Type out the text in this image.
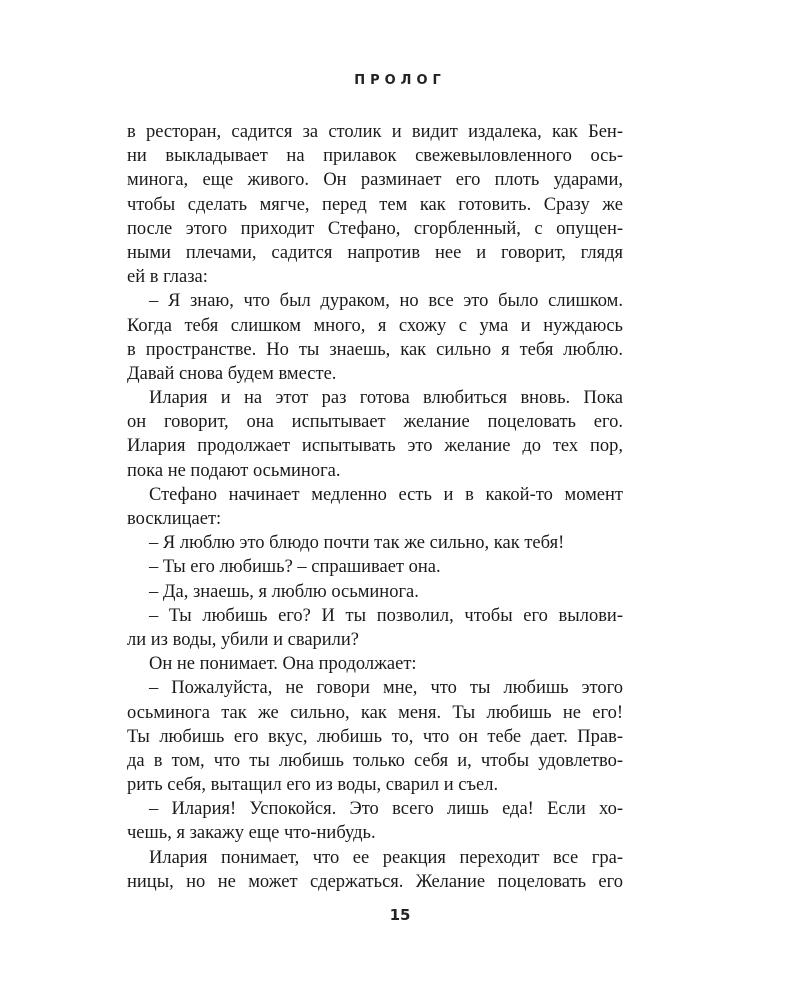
ПРОЛОГ
в ресторан, садится за столик и видит издалека, как Бен-
ни выкладывает на прилавок свежевыловленного ось-
минога, еще живого. Он разминает его плоть ударами,
чтобы сделать мягче, перед тем как готовить. Сразу же
после этого приходит Стефано, сгорбленный, с опущен-
ными плечами, садится напротив нее и говорит, глядя
ей в глаза:
– Я знаю, что был дураком, но все это было слишком.
Когда тебя слишком много, я схожу с ума и нуждаюсь
в пространстве. Но ты знаешь, как сильно я тебя люблю.
Давай снова будем вместе.
Илария и на этот раз готова влюбиться вновь. Пока
он говорит, она испытывает желание поцеловать его.
Илария продолжает испытывать это желание до тех пор,
пока не подают осьминога.
Стефано начинает медленно есть и в какой-то момент
восклицает:
– Я люблю это блюдо почти так же сильно, как тебя!
– Ты его любишь? – спрашивает она.
– Да, знаешь, я люблю осьминога.
– Ты любишь его? И ты позволил, чтобы его вылови-
ли из воды, убили и сварили?
Он не понимает. Она продолжает:
– Пожалуйста, не говори мне, что ты любишь этого
осьминога так же сильно, как меня. Ты любишь не его!
Ты любишь его вкус, любишь то, что он тебе дает. Прав-
да в том, что ты любишь только себя и, чтобы удовлетво-
рить себя, вытащил его из воды, сварил и съел.
– Илария! Успокойся. Это всего лишь еда! Если хо-
чешь, я закажу еще что-нибудь.
Илария понимает, что ее реакция переходит все гра-
ницы, но не может сдержаться. Желание поцеловать его
15
